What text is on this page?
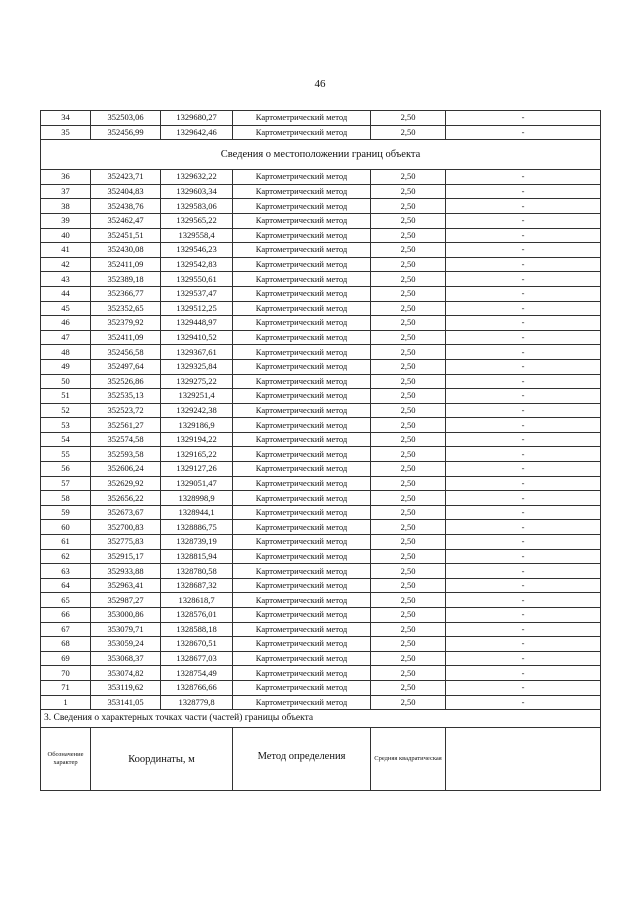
46
34	352503,06	1329680,27	Картометрический метод	2,50	-
35	352456,99	1329642,46	Картометрический метод	2,50	-
Сведения о местоположении границ объекта					
36	352423,71	1329632,22	Картометрический метод	2,50	-
37	352404,83	1329603,34	Картометрический метод	2,50	-
38	352438,76	1329583,06	Картометрический метод	2,50	-
39	352462,47	1329565,22	Картометрический метод	2,50	-
40	352451,51	1329558,4	Картометрический метод	2,50	-
41	352430,08	1329546,23	Картометрический метод	2,50	-
42	352411,09	1329542,83	Картометрический метод	2,50	-
43	352389,18	1329550,61	Картометрический метод	2,50	-
44	352366,77	1329537,47	Картометрический метод	2,50	-
45	352352,65	1329512,25	Картометрический метод	2,50	-
46	352379,92	1329448,97	Картометрический метод	2,50	-
47	352411,09	1329410,52	Картометрический метод	2,50	-
48	352456,58	1329367,61	Картометрический метод	2,50	-
49	352497,64	1329325,84	Картометрический метод	2,50	-
50	352526,86	1329275,22	Картометрический метод	2,50	-
51	352535,13	1329251,4	Картометрический метод	2,50	-
52	352523,72	1329242,38	Картометрический метод	2,50	-
53	352561,27	1329186,9	Картометрический метод	2,50	-
54	352574,58	1329194,22	Картометрический метод	2,50	-
55	352593,58	1329165,22	Картометрический метод	2,50	-
56	352606,24	1329127,26	Картометрический метод	2,50	-
57	352629,92	1329051,47	Картометрический метод	2,50	-
58	352656,22	1328998,9	Картометрический метод	2,50	-
59	352673,67	1328944,1	Картометрический метод	2,50	-
60	352700,83	1328886,75	Картометрический метод	2,50	-
61	352775,83	1328739,19	Картометрический метод	2,50	-
62	352915,17	1328815,94	Картометрический метод	2,50	-
63	352933,88	1328780,58	Картометрический метод	2,50	-
64	352963,41	1328687,32	Картометрический метод	2,50	-
65	352987,27	1328618,7	Картометрический метод	2,50	-
66	353000,86	1328576,01	Картометрический метод	2,50	-
67	353079,71	1328588,18	Картометрический метод	2,50	-
68	353059,24	1328670,51	Картометрический метод	2,50	-
69	353068,37	1328677,03	Картометрический метод	2,50	-
70	353074,82	1328754,49	Картометрический метод	2,50	-
71	353119,62	1328766,66	Картометрический метод	2,50	-
1	353141,05	1328779,8	Картометрический метод	2,50	-
3. Сведения о характерных точках части (частей) границы объекта					
Обозначение характер	Координаты, м		Метод определения	Средняя квадратическая	
